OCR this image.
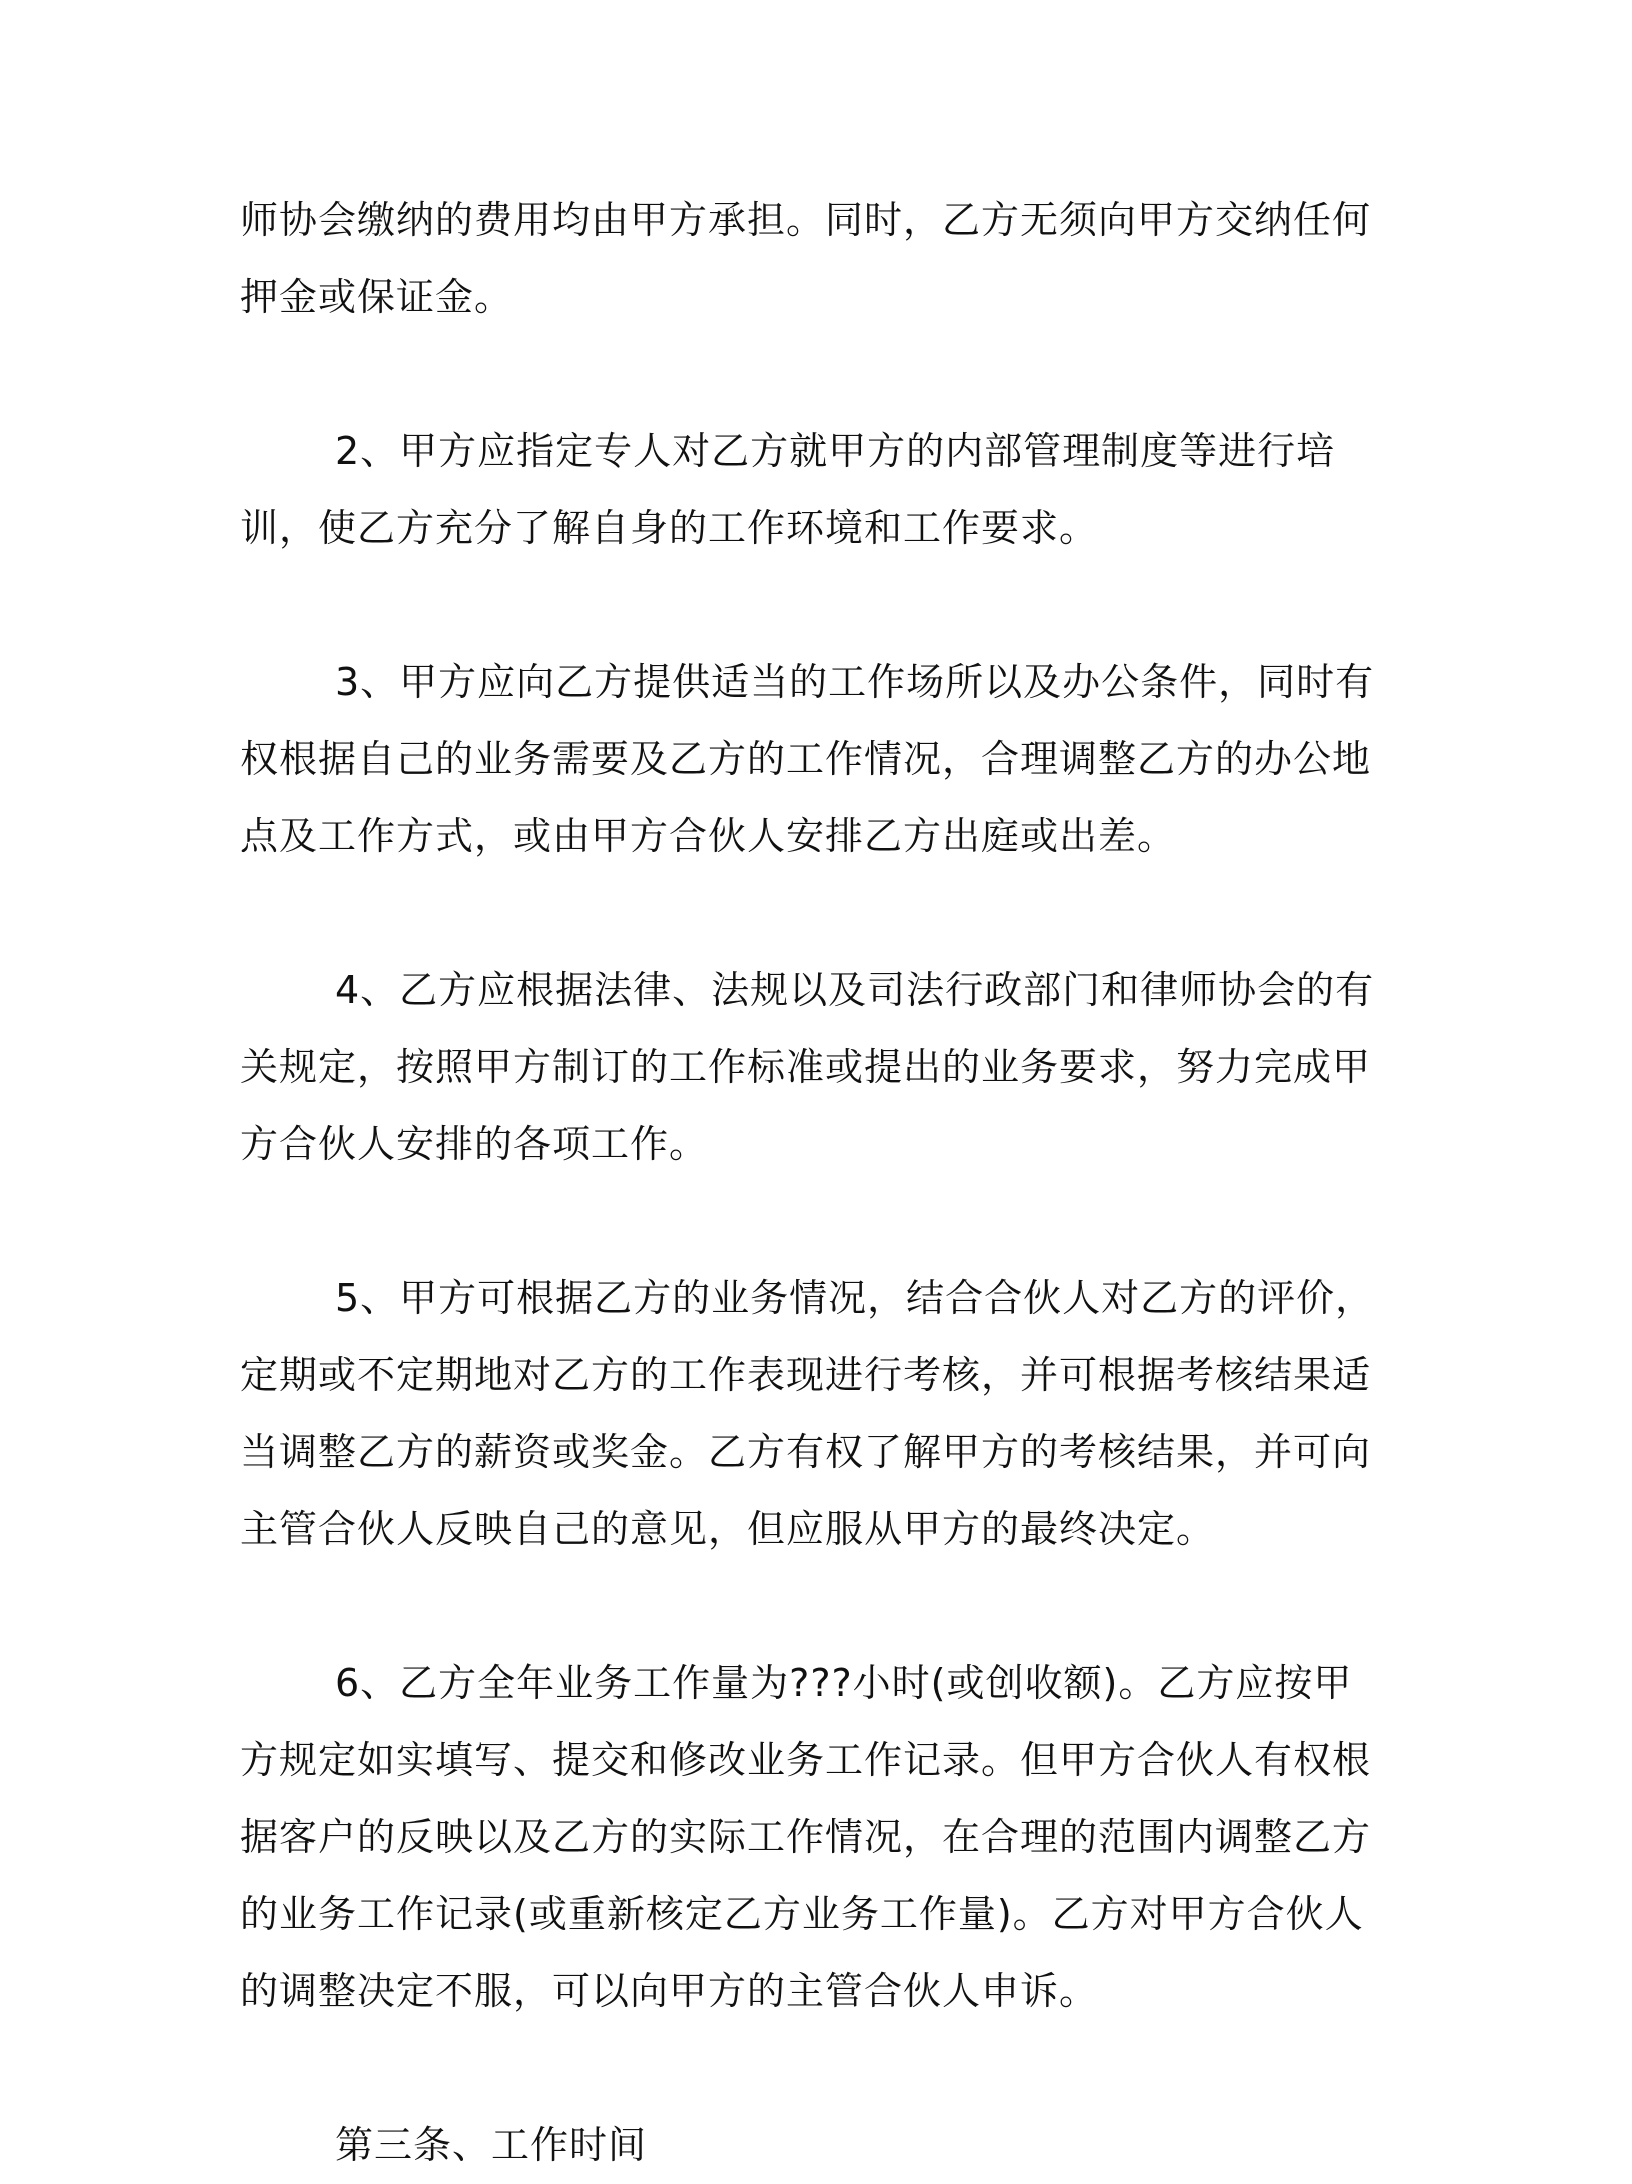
师协会缴纳的费用均由甲方承担。同时，乙方无须向甲方交纳任何押金或保证金。

2、甲方应指定专人对乙方就甲方的内部管理制度等进行培训，使乙方充分了解自身的工作环境和工作要求。

3、甲方应向乙方提供适当的工作场所以及办公条件，同时有权根据自己的业务需要及乙方的工作情况，合理调整乙方的办公地点及工作方式，或由甲方合伙人安排乙方出庭或出差。

4、乙方应根据法律、法规以及司法行政部门和律师协会的有关规定，按照甲方制订的工作标准或提出的业务要求，努力完成甲方合伙人安排的各项工作。

5、甲方可根据乙方的业务情况，结合合伙人对乙方的评价，定期或不定期地对乙方的工作表现进行考核，并可根据考核结果适当调整乙方的薪资或奖金。乙方有权了解甲方的考核结果，并可向主管合伙人反映自己的意见，但应服从甲方的最终决定。

6、乙方全年业务工作量为???小时(或创收额)。乙方应按甲方规定如实填写、提交和修改业务工作记录。但甲方合伙人有权根据客户的反映以及乙方的实际工作情况，在合理的范围内调整乙方的业务工作记录(或重新核定乙方业务工作量)。乙方对甲方合伙人的调整决定不服，可以向甲方的主管合伙人申诉。

第三条、工作时间
